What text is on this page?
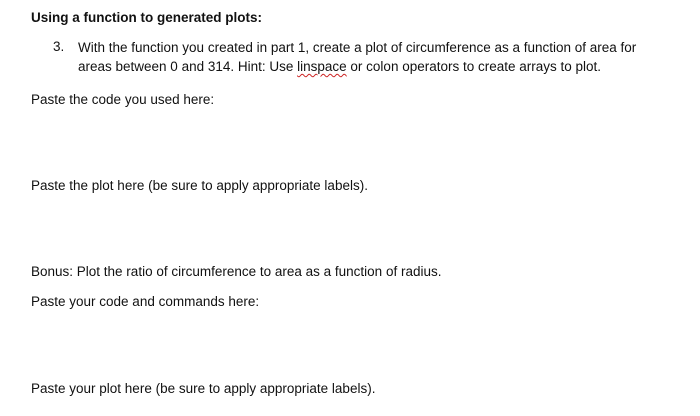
Using a function to generated plots:
3. With the function you created in part 1, create a plot of circumference as a function of area for areas between 0 and 314. Hint: Use linspace or colon operators to create arrays to plot.
Paste the code you used here:
Paste the plot here (be sure to apply appropriate labels).
Bonus: Plot the ratio of circumference to area as a function of radius.
Paste your code and commands here:
Paste your plot here (be sure to apply appropriate labels).
